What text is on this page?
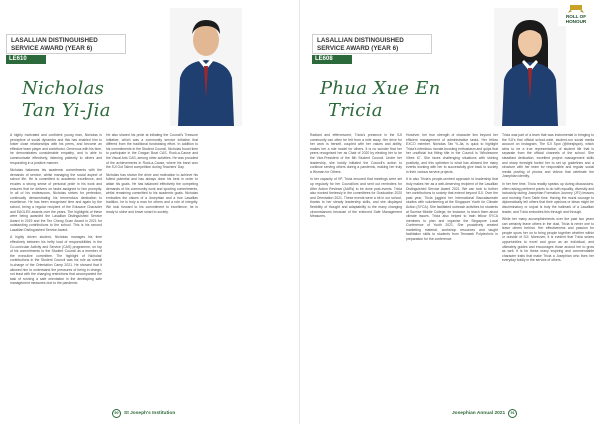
LASALLIAN DISTINGUISHED SERVICE AWARD (YEAR 6)
LE610
Nicholas
Tan Yi-Jia

A highly motivated and confident young man, Nicholas is perceptive of social dynamics and this has enabled him to foster close relationships with his peers, and become an effective team player and contributor. Generous with his time, he demonstrates considerable empathy, and is able to communicate effectively, listening patiently to others and responding in a positive manner.

Nicholas balances his academic commitments with the demands of service, whilst managing the social aspect of school life. He is committed to academic excellence, and exudes a strong sense of personal pride in his work and ensures that he delivers on tasks assigned to him promptly. In all of his endeavours, Nicholas strives for perfection, continually demonstrating his tremendous dedication to excellence. He has been recognised time and again by the school, being a regular recipient of the Edusave Character and EAGLES awards over the years. The highlights of these were being awarded the Lasallian Distinguished Service Award in 2019 and the Teo Cheng Guan Award in 2021 for outstanding contributions to the school. This is his second Lasallian Distinguished Service Award.

A highly driven student, Nicholas manages his time effectively between his hefty load of responsibilities in the Co-curricular Activity and Service (CAS) programme, on top of his commitments to the Student Council as a member of the executive committee. The highlight of Nicholas' contributions in the Student Council was his role as overall in-charge of the Orientation Camp 2021. He showed that it allowed him to understand the pressures of being in charge, not least with the changing restrictions that accompanied the task of running a safe orientation in the developing safe management measures due to the pandemic.

He also shared his pride at initiating the Council's Treasure Initiative, which was a community service initiative that differed from the traditional fundraising effort. In addition to his commitments in the Student Council, Nicholas found time to participate in the Dragon Boat CAS, Rock-a-Cause and the Visual Arts CAS, among other activities. He was proudest of the achievements in Rock-a-Cause, where his band won the SJI Got Talent competition during Teachers' Day.

Nicholas has shown the drive and motivation to achieve his fullest potential and has always done his best in order to attain his goals. He has balanced effectively the competing demands of his community work and sporting commitments, whilst remaining committed to his academic goals. Nicholas embodies the values of a Josephian and a true Lasallian tradition, he is truly a man for others and a role of integrity. We look forward to his commitment to excellence, he is ready to shine and brave smart to society.

90	St Joseph's Institution
LASALLIAN DISTINGUISHED SERVICE AWARD (YEAR 6)
LE608
Phua Xue En
Tricia
ROLL OF HONOUR

Radiant and effervescent, Tricia's presence in the SJI community can often be felt from a mile away. Her drive for her work is herself, coupled with her values and ability, makes her a role model for others. It is no wonder that her peers recognised her as Chair of 2020 by electing her to be the Vice-President of the 8th Student Council. Under her leadership, she boldly initiated the Council's action to continue serving others during a pandemic, making her truly a Woman for Others.

In her capacity of VP, Tricia ensured that meetings were set up regularly for her Councillors and sent out reminders for After Action Reviews (AARs) to be done post-events. Tricia also worked tirelessly in the committees for Graduation 2020 and Orientation 2021. These events were a hit in our school, thanks to her steady leadership skills, and she displayed flexibility of thought and adaptability to the many changing circumstances because of the enforced Safe Management Measures.

However, her true strength of character lies beyond her efficient management of administrative tasks. Her fellow EXCO member, Nicholas Tan Yi-Jia, is quick to highlight Tricia's infectious morale-boosting enthusiasm and quips that her unofficial but fitting title in the Council is 'Wholesome Vibes IC'. She faces challenging situations with shining positivity, and this optimism is what has allowed the many events working with her to successfully give back to society in their various service projects.

It is also Tricia's people-centred approach to leadership that truly makes her as a well-deserving recipient of the Lasallian Distinguished Service Award 2021. We can look to further her contributions to society that extend beyond SJI. Over the past year, Tricia juggled her International Baccalaureate studies with volunteering at the Singapore Youth for Climate Action (SYCA). She facilitated outreach activities for students at Sunrise Middle College, for instance, to teach them about climate issues. Tricia also helped to train fellow SYCA members to plan and organise the Singapore Local Conference of Youth 2021. She proactively created marketing material, workshop resources and taught facilitation skills to students from Temasek Polytechnic in preparation for the conference.

Tricia was part of a team that was instrumental in bringing to the SJI's first official school-wide, student-run social media account on Instagram, The SJI Spot (@thesjispot), which aims to be a true representation of student life that is separate from the official channels of the school. She steadfast dedication, excellent project management skills and sharp foresight fueled her to set up guidelines and a structure with her team for responsible and regular social media posting of photos and videos that celebrate the Josephian identity.

In her free time, Tricia readily speaks up during discussions, often raising pertinent points to do with equality, diversity and inclusivity during Josephian Formation Journey (JFJ) lessons and morning Form Table time. Having the moral courage to diplomatically tell others that their opinions or ideas might be discriminatory or unjust is truly the hallmark of a Lasallian leader, and Tricia embodies this through and through.

While her many accomplishments over the past two years can certainly leave others in the dust, Tricia is never one to leave others behind. Her effectiveness and passion for people spurs her on to bring people together whether within or outside of SJI. Moreover, it is evident that Tricia seizes opportunities to excel and grow as an individual, and ultimately guides and encourages those around her to grow as well. It is for these many inspiring and commendable character traits that make Tricia a Josephian who lives her everyday boldly in the service of others.

Josephian Annual 2021	91
